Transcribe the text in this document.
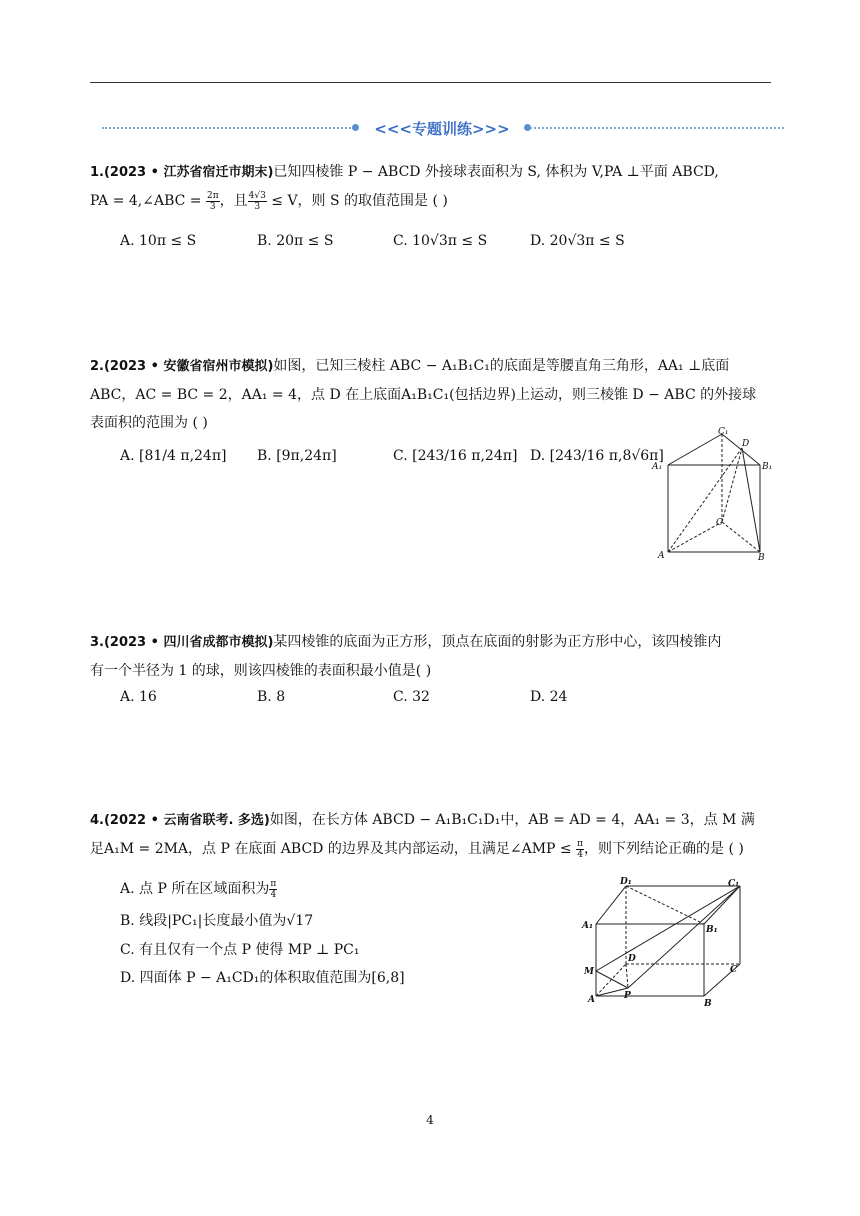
<<<专题训练>>>
1.(2023 • 江苏省宿迁市期末)已知四棱锥 P − ABCD 外接球表面积为 S, 体积为 V,PA ⊥平面 ABCD,
PA = 4,∠ABC = $\frac{2\pi}{3}$ ，且 $\frac{4√3}{3} \le V$，则 S 的取值范围是 ( )
A. 10π ≤ S	B. 20π ≤ S	C. 10√3π ≤ S	D. 20√3π ≤ S
2.(2023 • 安徽省宿州市模拟)如图，已知三棱柱 ABC − A₁B₁C₁的底面是等腰直角三角形，AA₁ ⊥底面
ABC，AC = BC = 2，AA₁ = 4，点 D 在上底面A₁B₁C₁(包括边界)上运动，则三棱锥 D − ABC 的外接球
表面积的范围为 ( )
A. [81/4 π,24π] B. [9π,24π]	C. [243/16 π,24π] D. [243/16 π,8√6π]
C₁
D
A₁	B₁
C
A	B
3.(2023 • 四川省成都市模拟)某四棱锥的底面为正方形，顶点在底面的射影为正方形中心，该四棱锥内
有一个半径为 1 的球，则该四棱锥的表面积最小值是( )
A. 16	B. 8	C. 32	D. 24
4.(2022 • 云南省联考. 多选)如图，在长方体 ABCD − A₁B₁C₁D₁中，AB = AD = 4，AA₁ = 3，点 M 满
足A₁M = 2MA，点 P 在底面 ABCD 的边界及其内部运动，且满足∠AMP ≤ $\frac{\pi}{4}$ ，则下列结论正确的是 ( )
A. 点 P 所在区域面积为 $\frac{\pi}{4}$
B. 线段|PC₁|长度最小值为√17
C. 有且仅有一个点 P 使得 MP ⊥ PC₁
D. 四面体 P − A₁CD₁的体积取值范围为[6,8]
D₁	C₁
A₁	B₁
D
C
M
A	P
B
4
